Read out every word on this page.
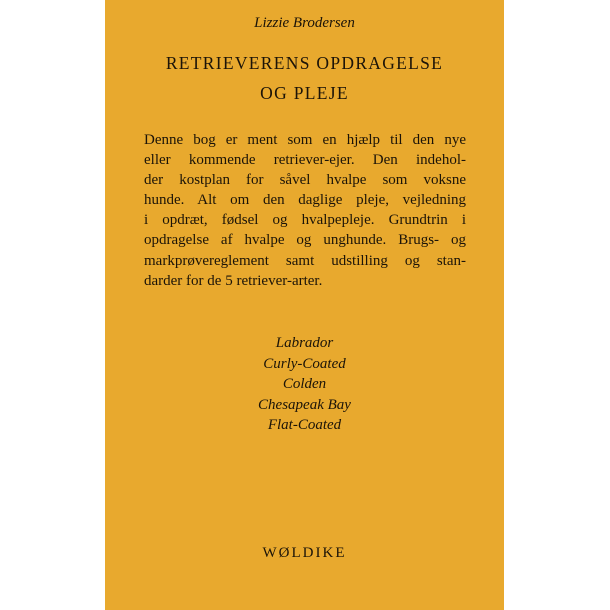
Lizzie Brodersen
RETRIEVERENS OPDRAGELSE
OG PLEJE
Denne bog er ment som en hjælp til den nye
eller kommende retriever-ejer. Den indehol-
der kostplan for såvel hvalpe som voksne
hunde. Alt om den daglige pleje, vejledning
i opdræt, fødsel og hvalpepleje. Grundtrin i
opdragelse af hvalpe og unghunde. Brugs- og
markprøvereglement samt udstilling og stan-
darder for de 5 retriever-arter.
Labrador
Curly-Coated
Colden
Chesapeak Bay
Flat-Coated
WØLDIKE
